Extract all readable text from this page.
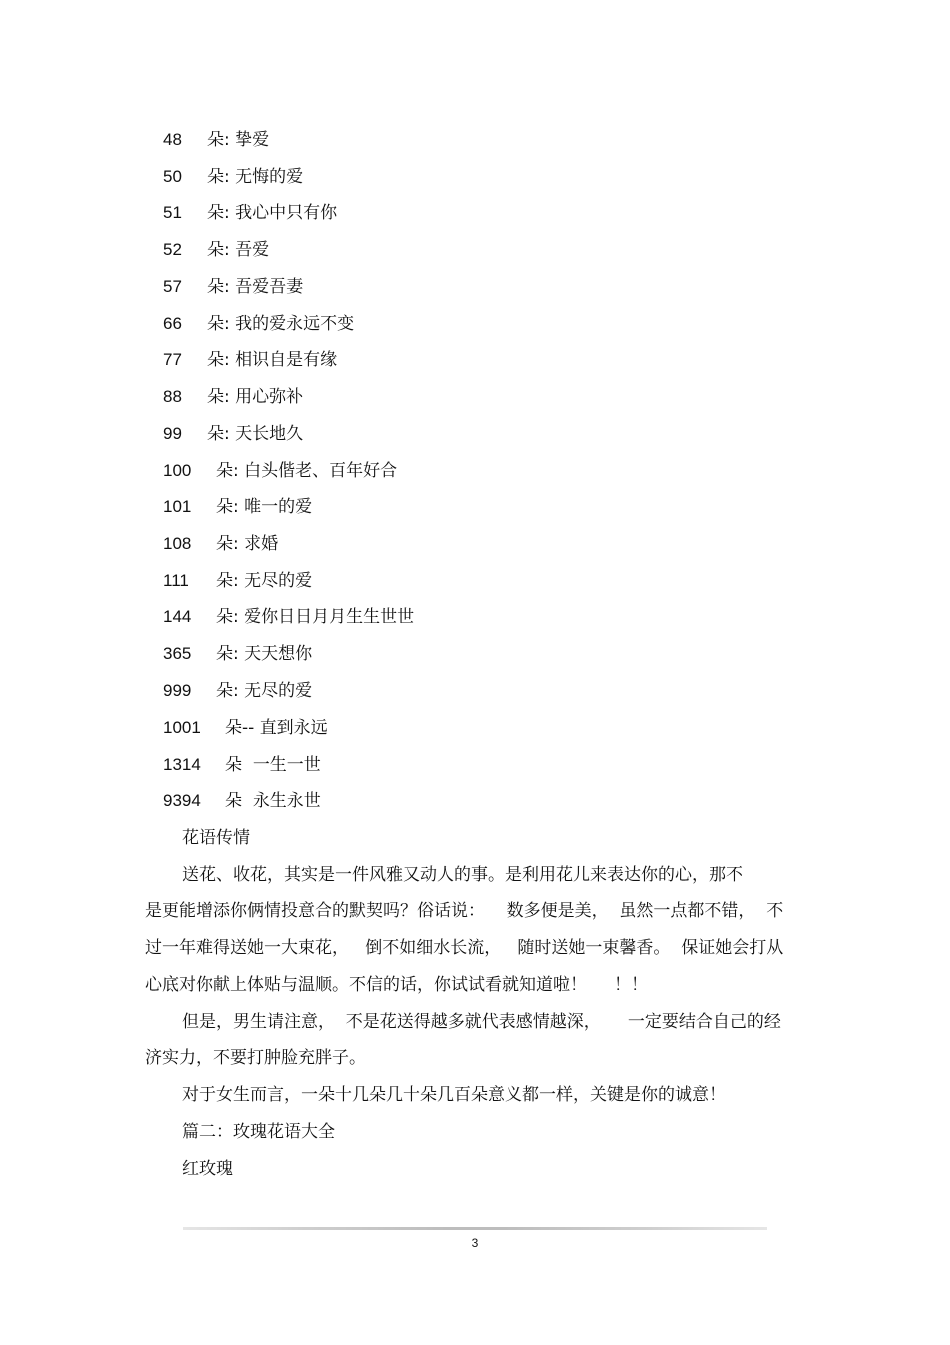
48 朵: 挚爱
50 朵: 无悔的爱
51 朵: 我心中只有你
52 朵: 吾爱
57 朵: 吾爱吾妻
66 朵: 我的爱永远不变
77 朵: 相识自是有缘
88 朵: 用心弥补
99 朵: 天长地久
100 朵: 白头偕老、百年好合
101 朵: 唯一的爱
108 朵: 求婚
111 朵: 无尽的爱
144 朵: 爱你日日月月生生世世
365 朵: 天天想你
999 朵: 无尽的爱
1001 朵-- 直到永远
1314 朵 一生一世
9394 朵 永生永世
花语传情
送花、收花，其实是一件风雅又动人的事。是利用花儿来表达你的心，那不
是更能增添你俩情投意合的默契吗？俗话说：    数多便是美，  虽然一点都不错，  不
过一年难得送她一大束花，   倒不如细水长流，   随时送她一束馨香。  保证她会打从
心底对你献上体贴与温顺。不信的话，你试试看就知道啦！     ！！
但是，男生请注意，  不是花送得越多就代表感情越深，     一定要结合自己的经
济实力，不要打肿脸充胖子。
对于女生而言，一朵十几朵几十朵几百朵意义都一样，关键是你的诚意！
篇二：玫瑰花语大全
红玫瑰
3
